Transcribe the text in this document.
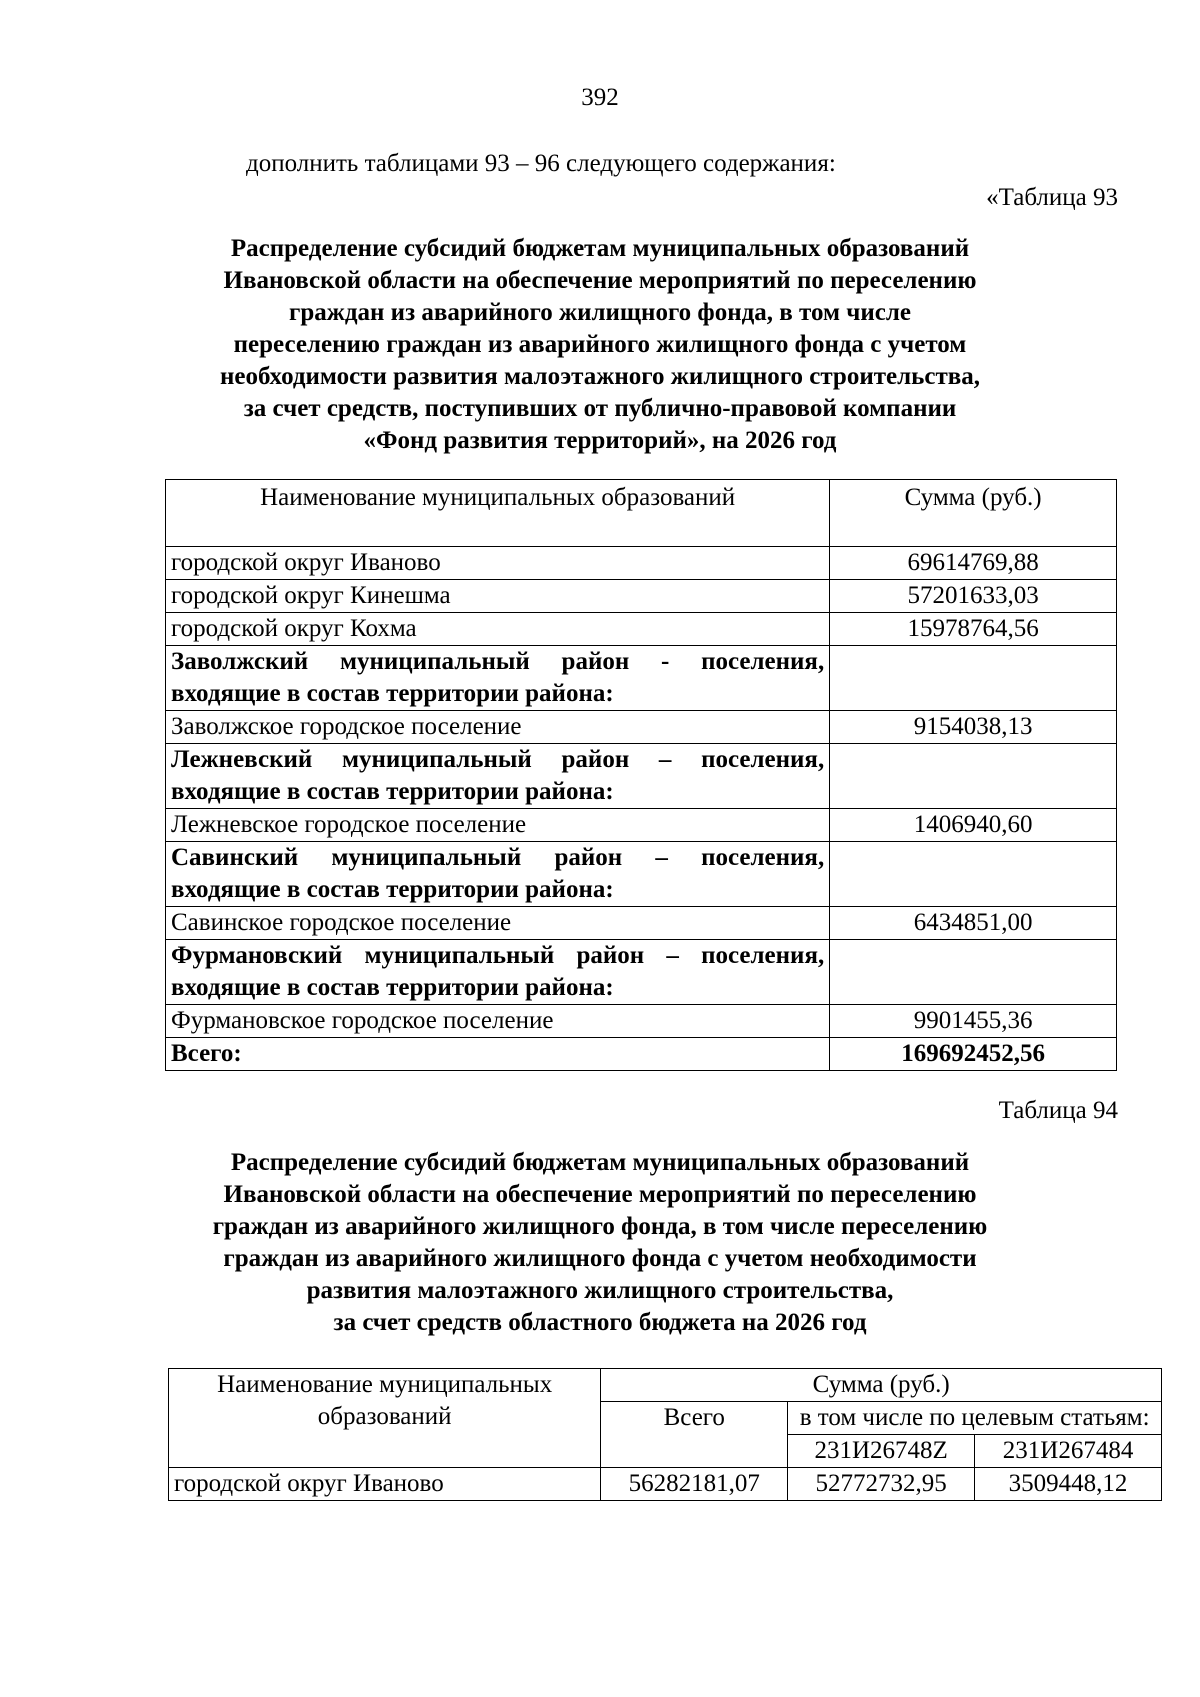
392
дополнить таблицами 93 – 96 следующего содержания:
«Таблица 93
Распределение субсидий бюджетам муниципальных образований
Ивановской области на обеспечение мероприятий по переселению
граждан из аварийного жилищного фонда, в том числе
переселению граждан из аварийного жилищного фонда с учетом
необходимости развития малоэтажного жилищного строительства,
за счет средств, поступивших от публично-правовой компании
«Фонд развития территорий», на 2026 год
Наименование муниципальных образований	Сумма (руб.)
городской округ Иваново	69614769,88
городской округ Кинешма	57201633,03
городской округ Кохма	15978764,56
Заволжский муниципальный район - поселения, входящие в состав территории района:	
Заволжское городское поселение	9154038,13
Лежневский муниципальный район – поселения, входящие в состав территории района:	
Лежневское городское поселение	1406940,60
Савинский муниципальный район – поселения, входящие в состав территории района:	
Савинское городское поселение	6434851,00
Фурмановский муниципальный район – поселения, входящие в состав территории района:	
Фурмановское городское поселение	9901455,36
Всего:	169692452,56
Таблица 94
Распределение субсидий бюджетам муниципальных образований
Ивановской области на обеспечение мероприятий по переселению
граждан из аварийного жилищного фонда, в том числе переселению
граждан из аварийного жилищного фонда с учетом необходимости
развития малоэтажного жилищного строительства,
за счет средств областного бюджета на 2026 год
Наименование муниципальных образований	Сумма (руб.)		
	Всего	в том числе по целевым статьям:	
		231И26748Z	231И267484
городской округ Иваново	56282181,07	52772732,95	3509448,12
